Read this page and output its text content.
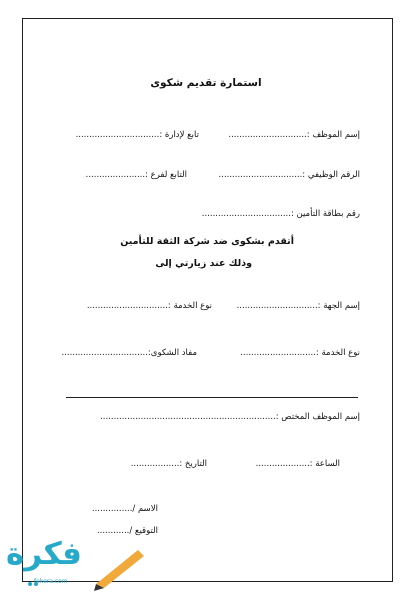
استمارة تقديم شكوى
إسم الموظف :.............................
تابع لإدارة :...............................
الرقم الوظيفي :...............................
التابع لفرع :......................
رقم بطاقة التأمين :.................................
أتقدم بشكوى ضد شركة الثقة للتأمين
وذلك عند زيارتي إلى
إسم الجهة :..............................
نوع الخدمة :..............................
نوع الخدمة :............................
مفاد الشكوى:................................
إسم الموظف المختص :.................................................................
الساعة :....................
التاريخ :..................
الاسم /...............
التوقيع /............
فكرة
fekera.com
